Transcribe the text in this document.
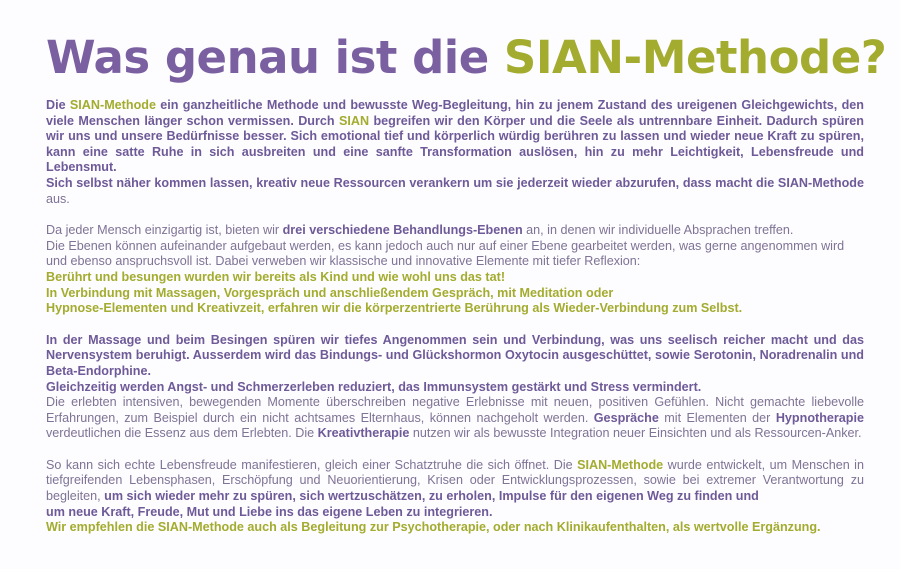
Was genau ist die SIAN-Methode?

Die SIAN-Methode ein ganzheitliche Methode und bewusste Weg-Begleitung, hin zu jenem Zustand des ureigenen Gleichgewichts, den viele Menschen länger schon vermissen. Durch SIAN begreifen wir den Körper und die Seele als untrennbare Einheit. Dadurch spüren wir uns und unsere Bedürfnisse besser. Sich emotional tief und körperlich würdig berühren zu lassen und wieder neue Kraft zu spüren, kann eine satte Ruhe in sich ausbreiten und eine sanfte Transformation auslösen, hin zu mehr Leichtigkeit, Lebensfreude und Lebensmut.
Sich selbst näher kommen lassen, kreativ neue Ressourcen verankern um sie jederzeit wieder abzurufen, dass macht die SIAN-Methode aus.

Da jeder Mensch einzigartig ist, bieten wir drei verschiedene Behandlungs-Ebenen an, in denen wir individuelle Absprachen treffen.
Die Ebenen können aufeinander aufgebaut werden, es kann jedoch auch nur auf einer Ebene gearbeitet werden, was gerne angenommen wird und ebenso anspruchsvoll ist. Dabei verweben wir klassische und innovative Elemente mit tiefer Reflexion:
Berührt und besungen wurden wir bereits als Kind und wie wohl uns das tat!
In Verbindung mit Massagen, Vorgespräch und anschließendem Gespräch, mit Meditation oder
Hypnose-Elementen und Kreativzeit, erfahren wir die körperzentrierte Berührung als Wieder-Verbindung zum Selbst.

In der Massage und beim Besingen spüren wir tiefes Angenommen sein und Verbindung, was uns seelisch reicher macht und das Nervensystem beruhigt. Ausserdem wird das Bindungs- und Glückshormon Oxytocin ausgeschüttet, sowie Serotonin, Noradrenalin und Beta-Endorphine.
Gleichzeitig werden Angst- und Schmerzerleben reduziert, das Immunsystem gestärkt und Stress vermindert.
Die erlebten intensiven, bewegenden Momente überschreiben negative Erlebnisse mit neuen, positiven Gefühlen. Nicht gemachte liebevolle Erfahrungen, zum Beispiel durch ein nicht achtsames Elternhaus, können nachgeholt werden. Gespräche mit Elementen der Hypnotherapie verdeutlichen die Essenz aus dem Erlebten. Die Kreativtherapie nutzen wir als bewusste Integration neuer Einsichten und als Ressourcen-Anker.

So kann sich echte Lebensfreude manifestieren, gleich einer Schatztruhe die sich öffnet. Die SIAN-Methode wurde entwickelt, um Menschen in tiefgreifenden Lebensphasen, Erschöpfung und Neuorientierung, Krisen oder Entwicklungsprozessen, sowie bei extremer Verantwortung zu begleiten, um sich wieder mehr zu spüren, sich wertzuschätzen, zu erholen, Impulse für den eigenen Weg zu finden und
um neue Kraft, Freude, Mut und Liebe ins das eigene Leben zu integrieren.
Wir empfehlen die SIAN-Methode auch als Begleitung zur Psychotherapie, oder nach Klinikaufenthalten, als wertvolle Ergänzung.
